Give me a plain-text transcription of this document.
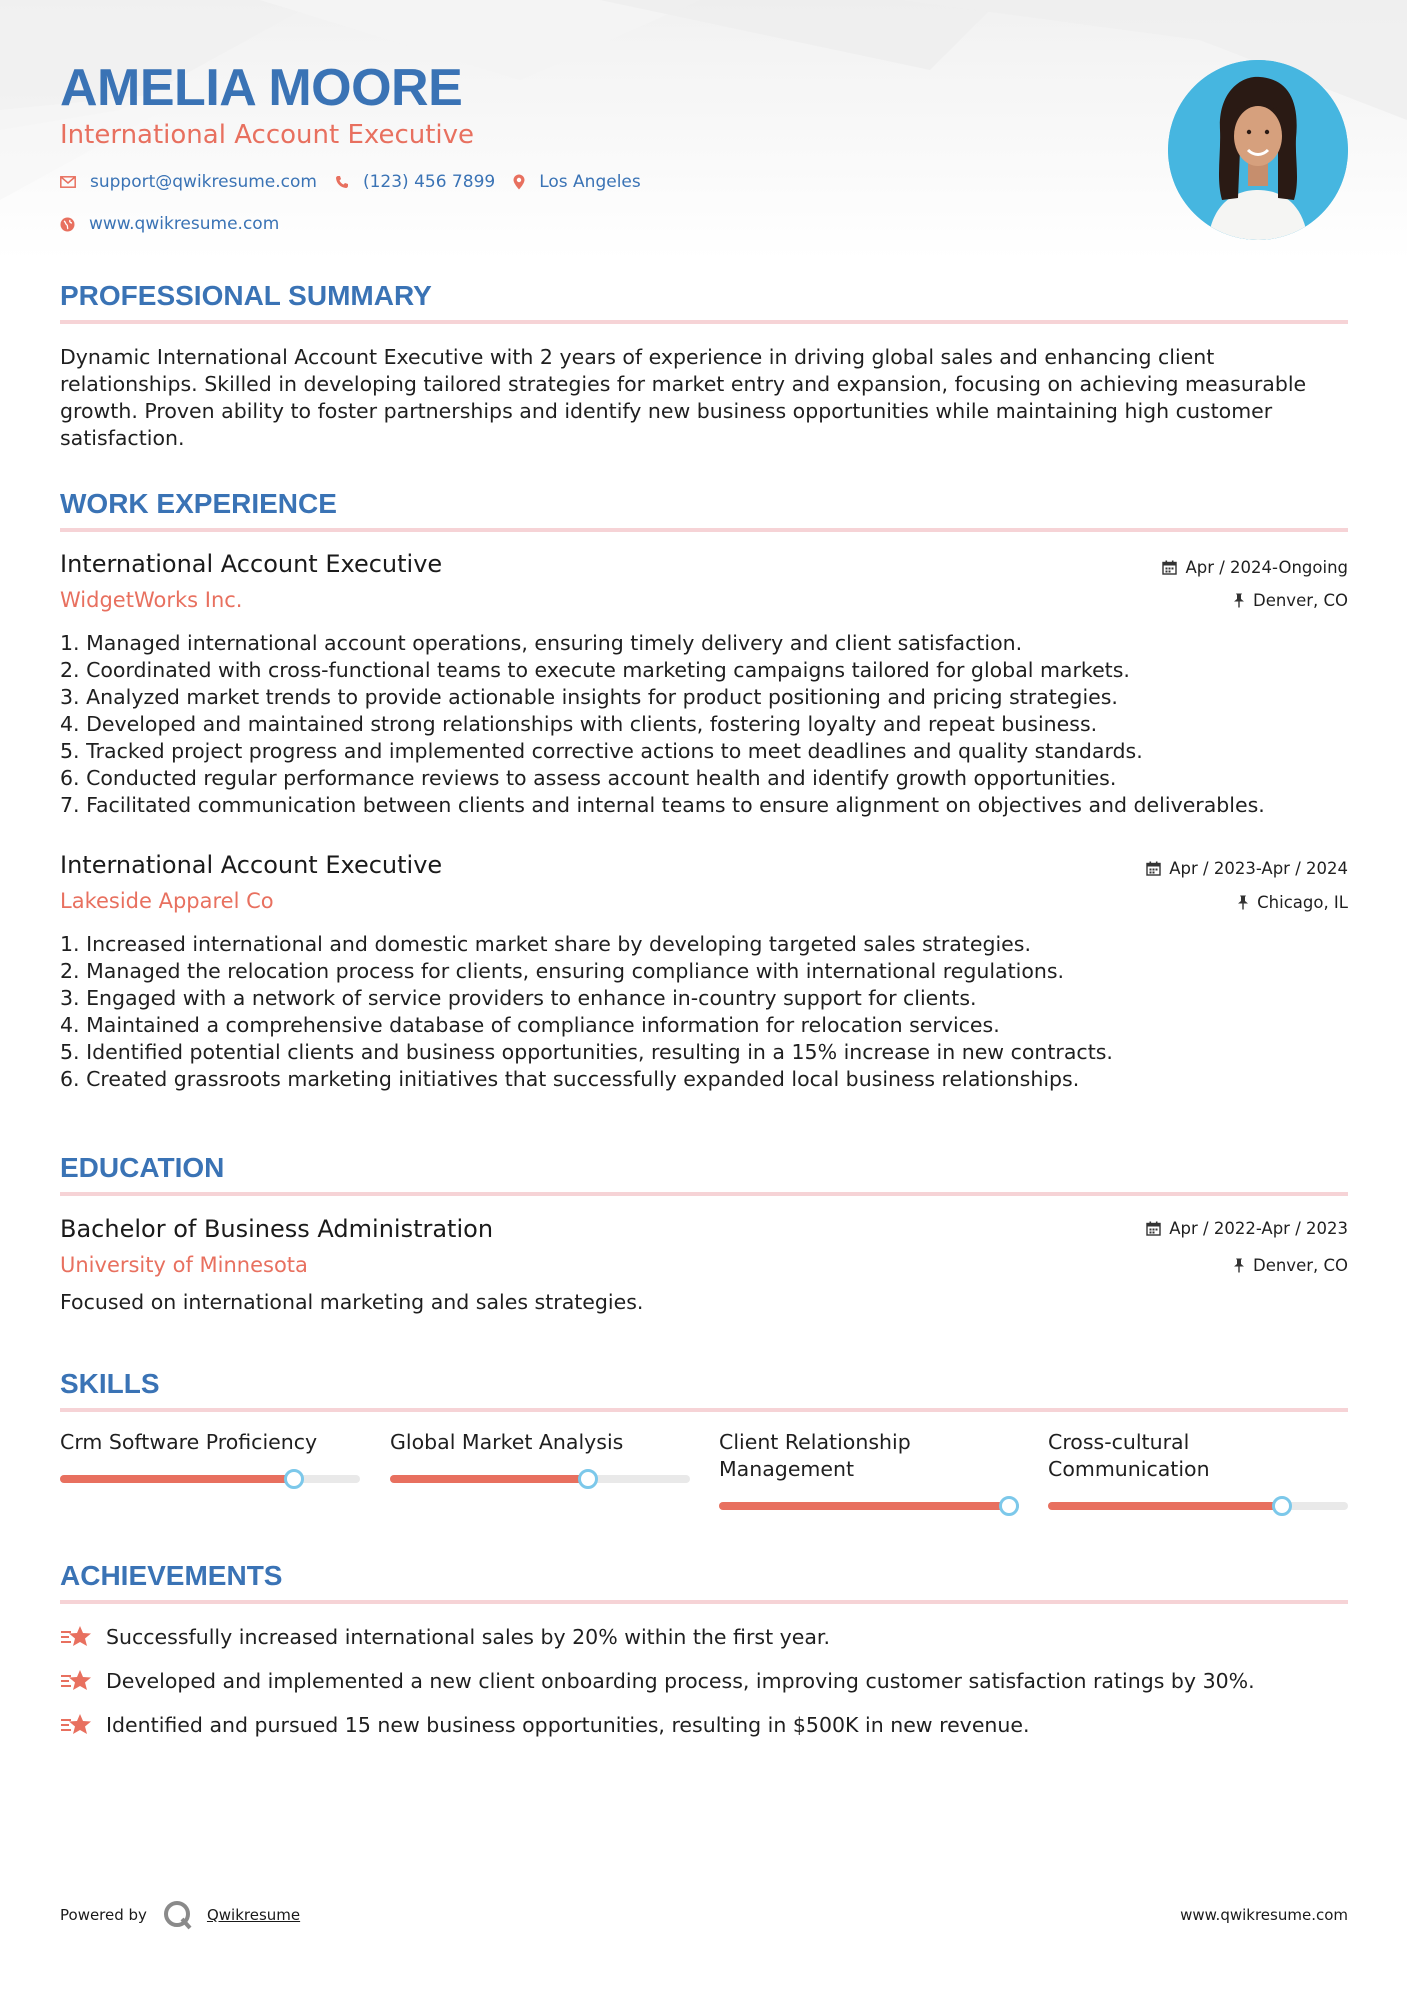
AMELIA MOORE
International Account Executive
support@qwikresume.com	(123) 456 7899	Los Angeles
www.qwikresume.com
PROFESSIONAL SUMMARY
Dynamic International Account Executive with 2 years of experience in driving global sales and enhancing client relationships. Skilled in developing tailored strategies for market entry and expansion, focusing on achieving measurable growth. Proven ability to foster partnerships and identify new business opportunities while maintaining high customer satisfaction.
WORK EXPERIENCE
International Account Executive	Apr / 2024-Ongoing
WidgetWorks Inc.	Denver, CO
1. Managed international account operations, ensuring timely delivery and client satisfaction.
2. Coordinated with cross-functional teams to execute marketing campaigns tailored for global markets.
3. Analyzed market trends to provide actionable insights for product positioning and pricing strategies.
4. Developed and maintained strong relationships with clients, fostering loyalty and repeat business.
5. Tracked project progress and implemented corrective actions to meet deadlines and quality standards.
6. Conducted regular performance reviews to assess account health and identify growth opportunities.
7. Facilitated communication between clients and internal teams to ensure alignment on objectives and deliverables.
International Account Executive	Apr / 2023-Apr / 2024
Lakeside Apparel Co	Chicago, IL
1. Increased international and domestic market share by developing targeted sales strategies.
2. Managed the relocation process for clients, ensuring compliance with international regulations.
3. Engaged with a network of service providers to enhance in-country support for clients.
4. Maintained a comprehensive database of compliance information for relocation services.
5. Identified potential clients and business opportunities, resulting in a 15% increase in new contracts.
6. Created grassroots marketing initiatives that successfully expanded local business relationships.
EDUCATION
Bachelor of Business Administration	Apr / 2022-Apr / 2023
University of Minnesota	Denver, CO
Focused on international marketing and sales strategies.
SKILLS
Crm Software Proficiency	Global Market Analysis	Client Relationship Management
Cross-cultural Communication
ACHIEVEMENTS
Successfully increased international sales by 20% within the first year.
Developed and implemented a new client onboarding process, improving customer satisfaction ratings by 30%.
Identified and pursued 15 new business opportunities, resulting in $500K in new revenue.
Powered by	Qwikresume	www.qwikresume.com
